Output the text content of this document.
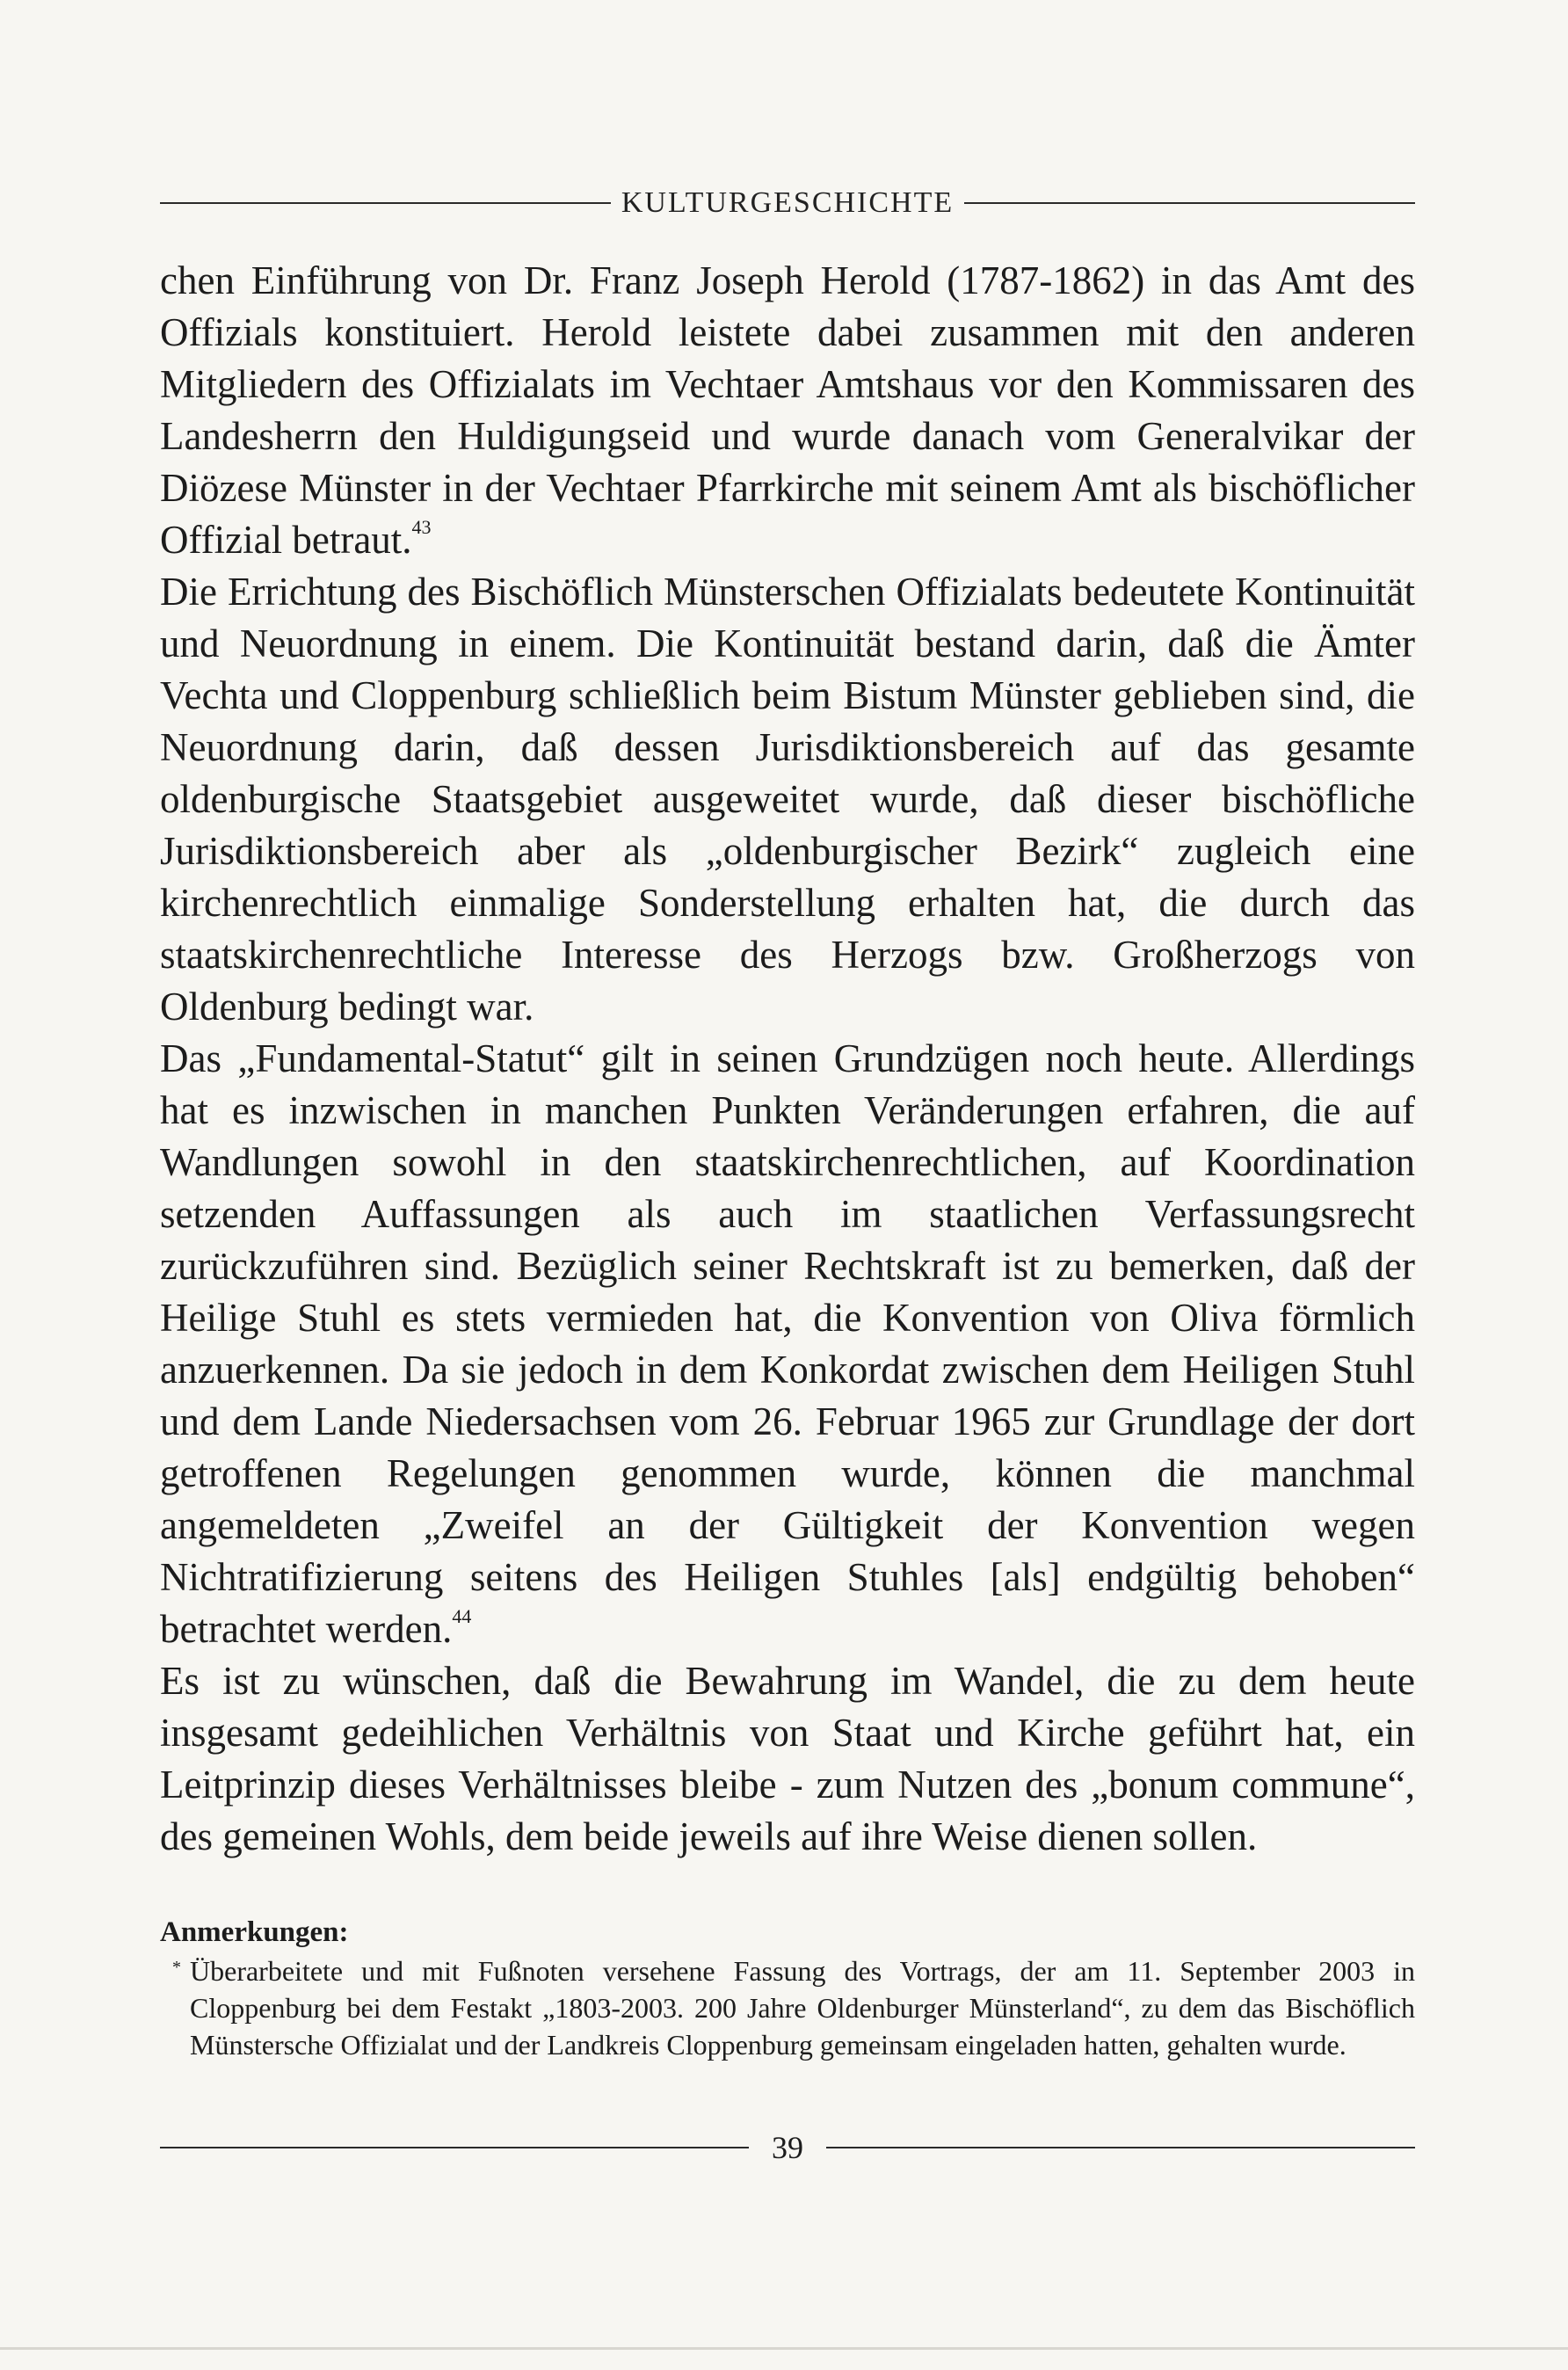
KULTURGESCHICHTE

chen Einführung von Dr. Franz Joseph Herold (1787-1862) in das Amt des Offizials konstituiert. Herold leistete dabei zusammen mit den anderen Mitgliedern des Offizialats im Vechtaer Amtshaus vor den Kommissaren des Landesherrn den Huldigungseid und wurde danach vom Generalvikar der Diözese Münster in der Vechtaer Pfarrkirche mit seinem Amt als bischöflicher Offizial betraut.$^{43}$

Die Errichtung des Bischöflich Münsterschen Offizialats bedeutete Kontinuität und Neuordnung in einem. Die Kontinuität bestand darin, daß die Ämter Vechta und Cloppenburg schließlich beim Bistum Münster geblieben sind, die Neuordnung darin, daß dessen Jurisdiktionsbereich auf das gesamte oldenburgische Staatsgebiet ausgeweitet wurde, daß dieser bischöfliche Jurisdiktionsbereich aber als „oldenburgischer Bezirk“ zugleich eine kirchenrechtlich einmalige Sonderstellung erhalten hat, die durch das staatskirchenrechtliche Interesse des Herzogs bzw. Großherzogs von Oldenburg bedingt war.

Das „Fundamental-Statut“ gilt in seinen Grundzügen noch heute. Allerdings hat es inzwischen in manchen Punkten Veränderungen erfahren, die auf Wandlungen sowohl in den staatskirchenrechtlichen, auf Koordination setzenden Auffassungen als auch im staatlichen Verfassungsrecht zurückzuführen sind. Bezüglich seiner Rechtskraft ist zu bemerken, daß der Heilige Stuhl es stets vermieden hat, die Konvention von Oliva förmlich anzuerkennen. Da sie jedoch in dem Konkordat zwischen dem Heiligen Stuhl und dem Lande Niedersachsen vom 26. Februar 1965 zur Grundlage der dort getroffenen Regelungen genommen wurde, können die manchmal angemeldeten „Zweifel an der Gültigkeit der Konvention wegen Nichtratifizierung seitens des Heiligen Stuhles [als] endgültig behoben“ betrachtet werden.$^{44}$

Es ist zu wünschen, daß die Bewahrung im Wandel, die zu dem heute insgesamt gedeihlichen Verhältnis von Staat und Kirche geführt hat, ein Leitprinzip dieses Verhältnisses bleibe - zum Nutzen des „bonum commune“, des gemeinen Wohls, dem beide jeweils auf ihre Weise dienen sollen.

Anmerkungen:
* Überarbeitete und mit Fußnoten versehene Fassung des Vortrags, der am 11. September 2003 in Cloppenburg bei dem Festakt „1803-2003. 200 Jahre Oldenburger Münsterland“, zu dem das Bischöflich Münstersche Offizialat und der Landkreis Cloppenburg gemeinsam eingeladen hatten, gehalten wurde.
39
